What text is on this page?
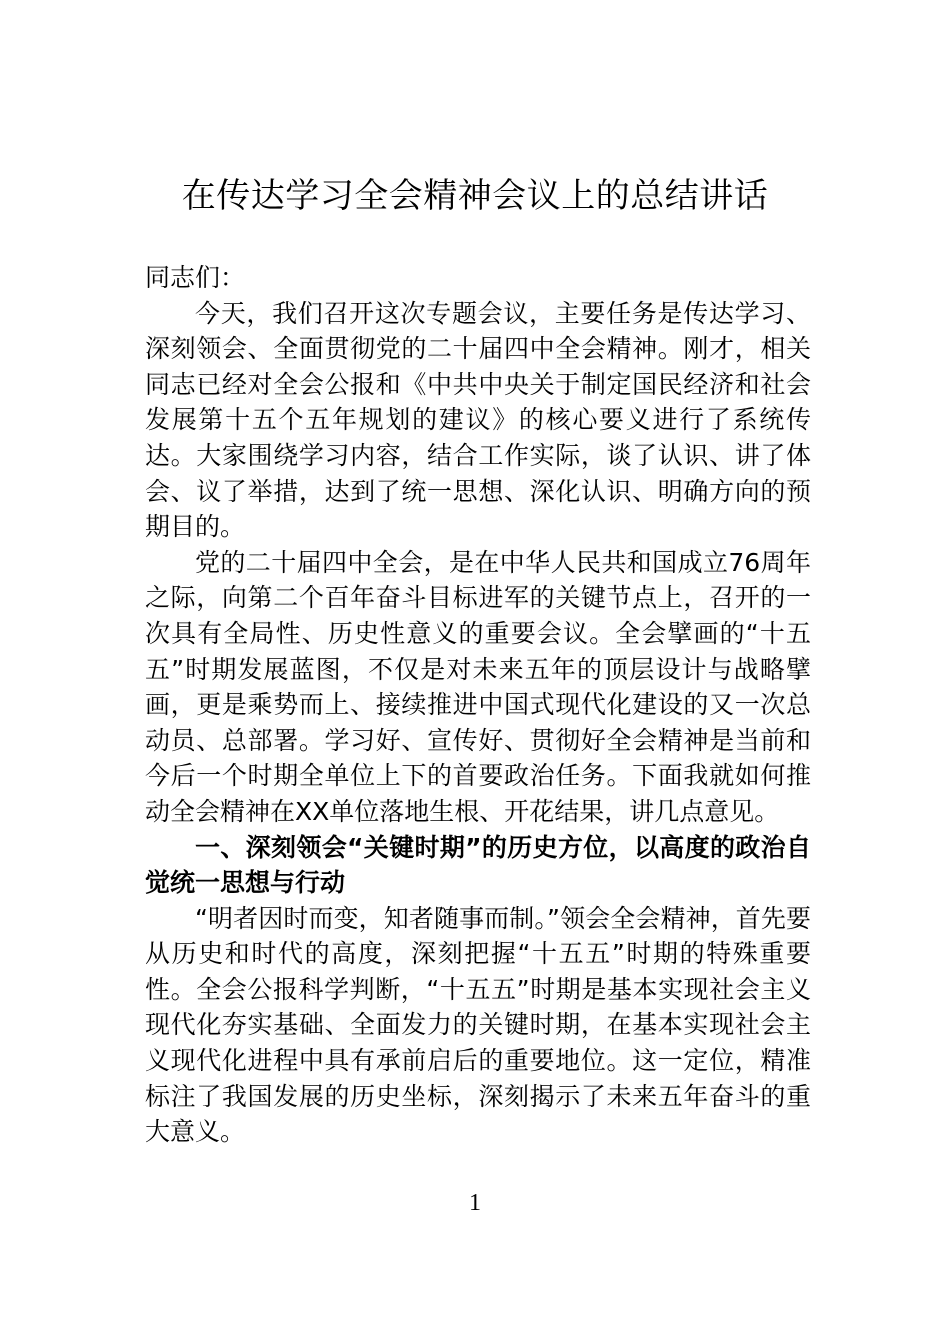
在传达学习全会精神会议上的总结讲话

同志们：

今天，我们召开这次专题会议，主要任务是传达学习、深刻领会、全面贯彻党的二十届四中全会精神。刚才，相关同志已经对全会公报和《中共中央关于制定国民经济和社会发展第十五个五年规划的建议》的核心要义进行了系统传达。大家围绕学习内容，结合工作实际，谈了认识、讲了体会、议了举措，达到了统一思想、深化认识、明确方向的预期目的。

党的二十届四中全会，是在中华人民共和国成立76周年之际，向第二个百年奋斗目标进军的关键节点上，召开的一次具有全局性、历史性意义的重要会议。全会擘画的“十五五”时期发展蓝图，不仅是对未来五年的顶层设计与战略擘画，更是乘势而上、接续推进中国式现代化建设的又一次总动员、总部署。学习好、宣传好、贯彻好全会精神是当前和今后一个时期全单位上下的首要政治任务。下面我就如何推动全会精神在XX单位落地生根、开花结果，讲几点意见。

一、深刻领会“关键时期”的历史方位，以高度的政治自觉统一思想与行动

“明者因时而变，知者随事而制。”领会全会精神，首先要从历史和时代的高度，深刻把握“十五五”时期的特殊重要性。全会公报科学判断，“十五五”时期是基本实现社会主义现代化夯实基础、全面发力的关键时期，在基本实现社会主义现代化进程中具有承前启后的重要地位。这一定位，精准标注了我国发展的历史坐标，深刻揭示了未来五年奋斗的重大意义。

1
